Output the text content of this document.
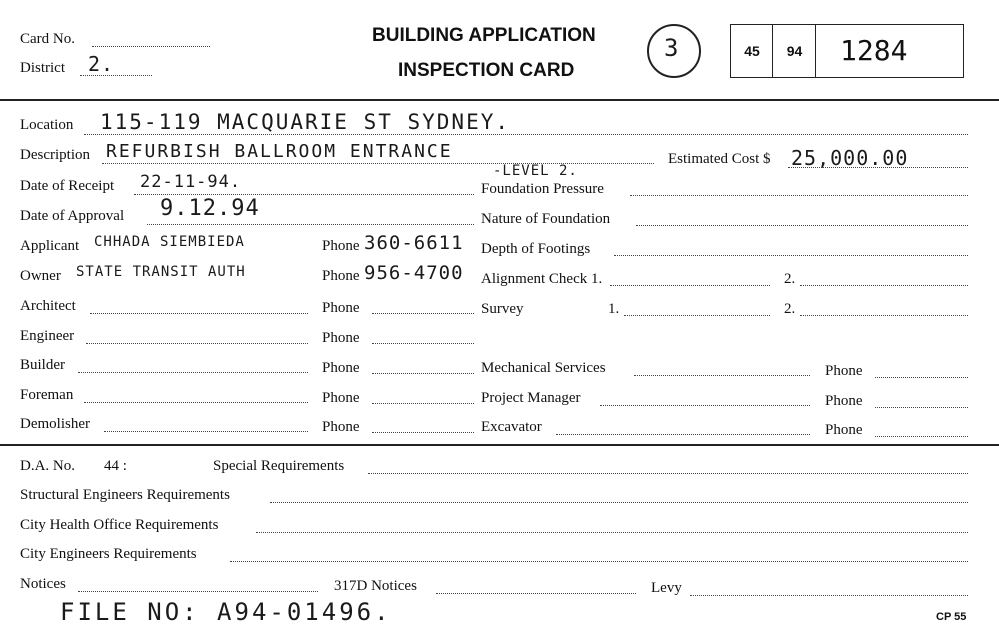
Card No.
District 2.
BUILDING APPLICATION
INSPECTION CARD
3	45	94	1284
Location 115-119 MACQUARIE ST SYDNEY.
Description REFURBISH BALLROOM ENTRANCE
-LEVEL 2.
Estimated Cost $ 25,000.00
Date of Receipt 22-11-94.
Date of Approval 9.12.94
Applicant CHHADA SIEMBIEDA	Phone 360-6611
Owner STATE TRANSIT AUTH	Phone 956-4700
Architect	Phone
Engineer	Phone
Builder	Phone
Foreman	Phone
Demolisher	Phone
Foundation Pressure
Nature of Foundation
Depth of Footings
Alignment Check 1.	2.
Survey	1.	2.
Mechanical Services	Phone
Project Manager	Phone
Excavator	Phone
D.A. No. 44 :	Special Requirements
Structural Engineers Requirements
City Health Office Requirements
City Engineers Requirements
Notices	317D Notices	Levy
FILE NO: A94-01496.	CP 55
